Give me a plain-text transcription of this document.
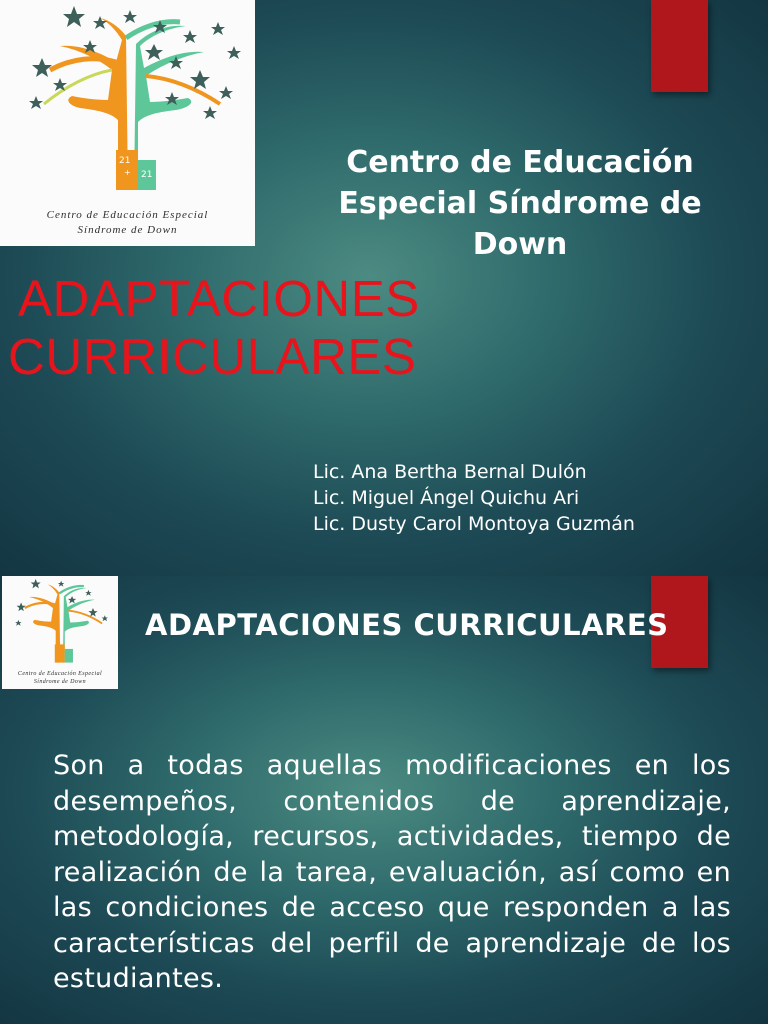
21
+ 21
Centro de Educación Especial
Síndrome de Down
Centro de Educación Especial Síndrome de Down
ADAPTACIONES
CURRICULARES
Lic. Ana Bertha Bernal Dulón
Lic. Miguel Ángel Quichu Ari
Lic. Dusty Carol Montoya Guzmán
Centro de Educación Especial
Síndrome de Down
ADAPTACIONES CURRICULARES
Son a todas aquellas modificaciones en los desempeños, contenidos de aprendizaje, metodología, recursos, actividades, tiempo de realización de la tarea, evaluación, así como en las condiciones de acceso que responden a las características del perfil de aprendizaje de los estudiantes.
